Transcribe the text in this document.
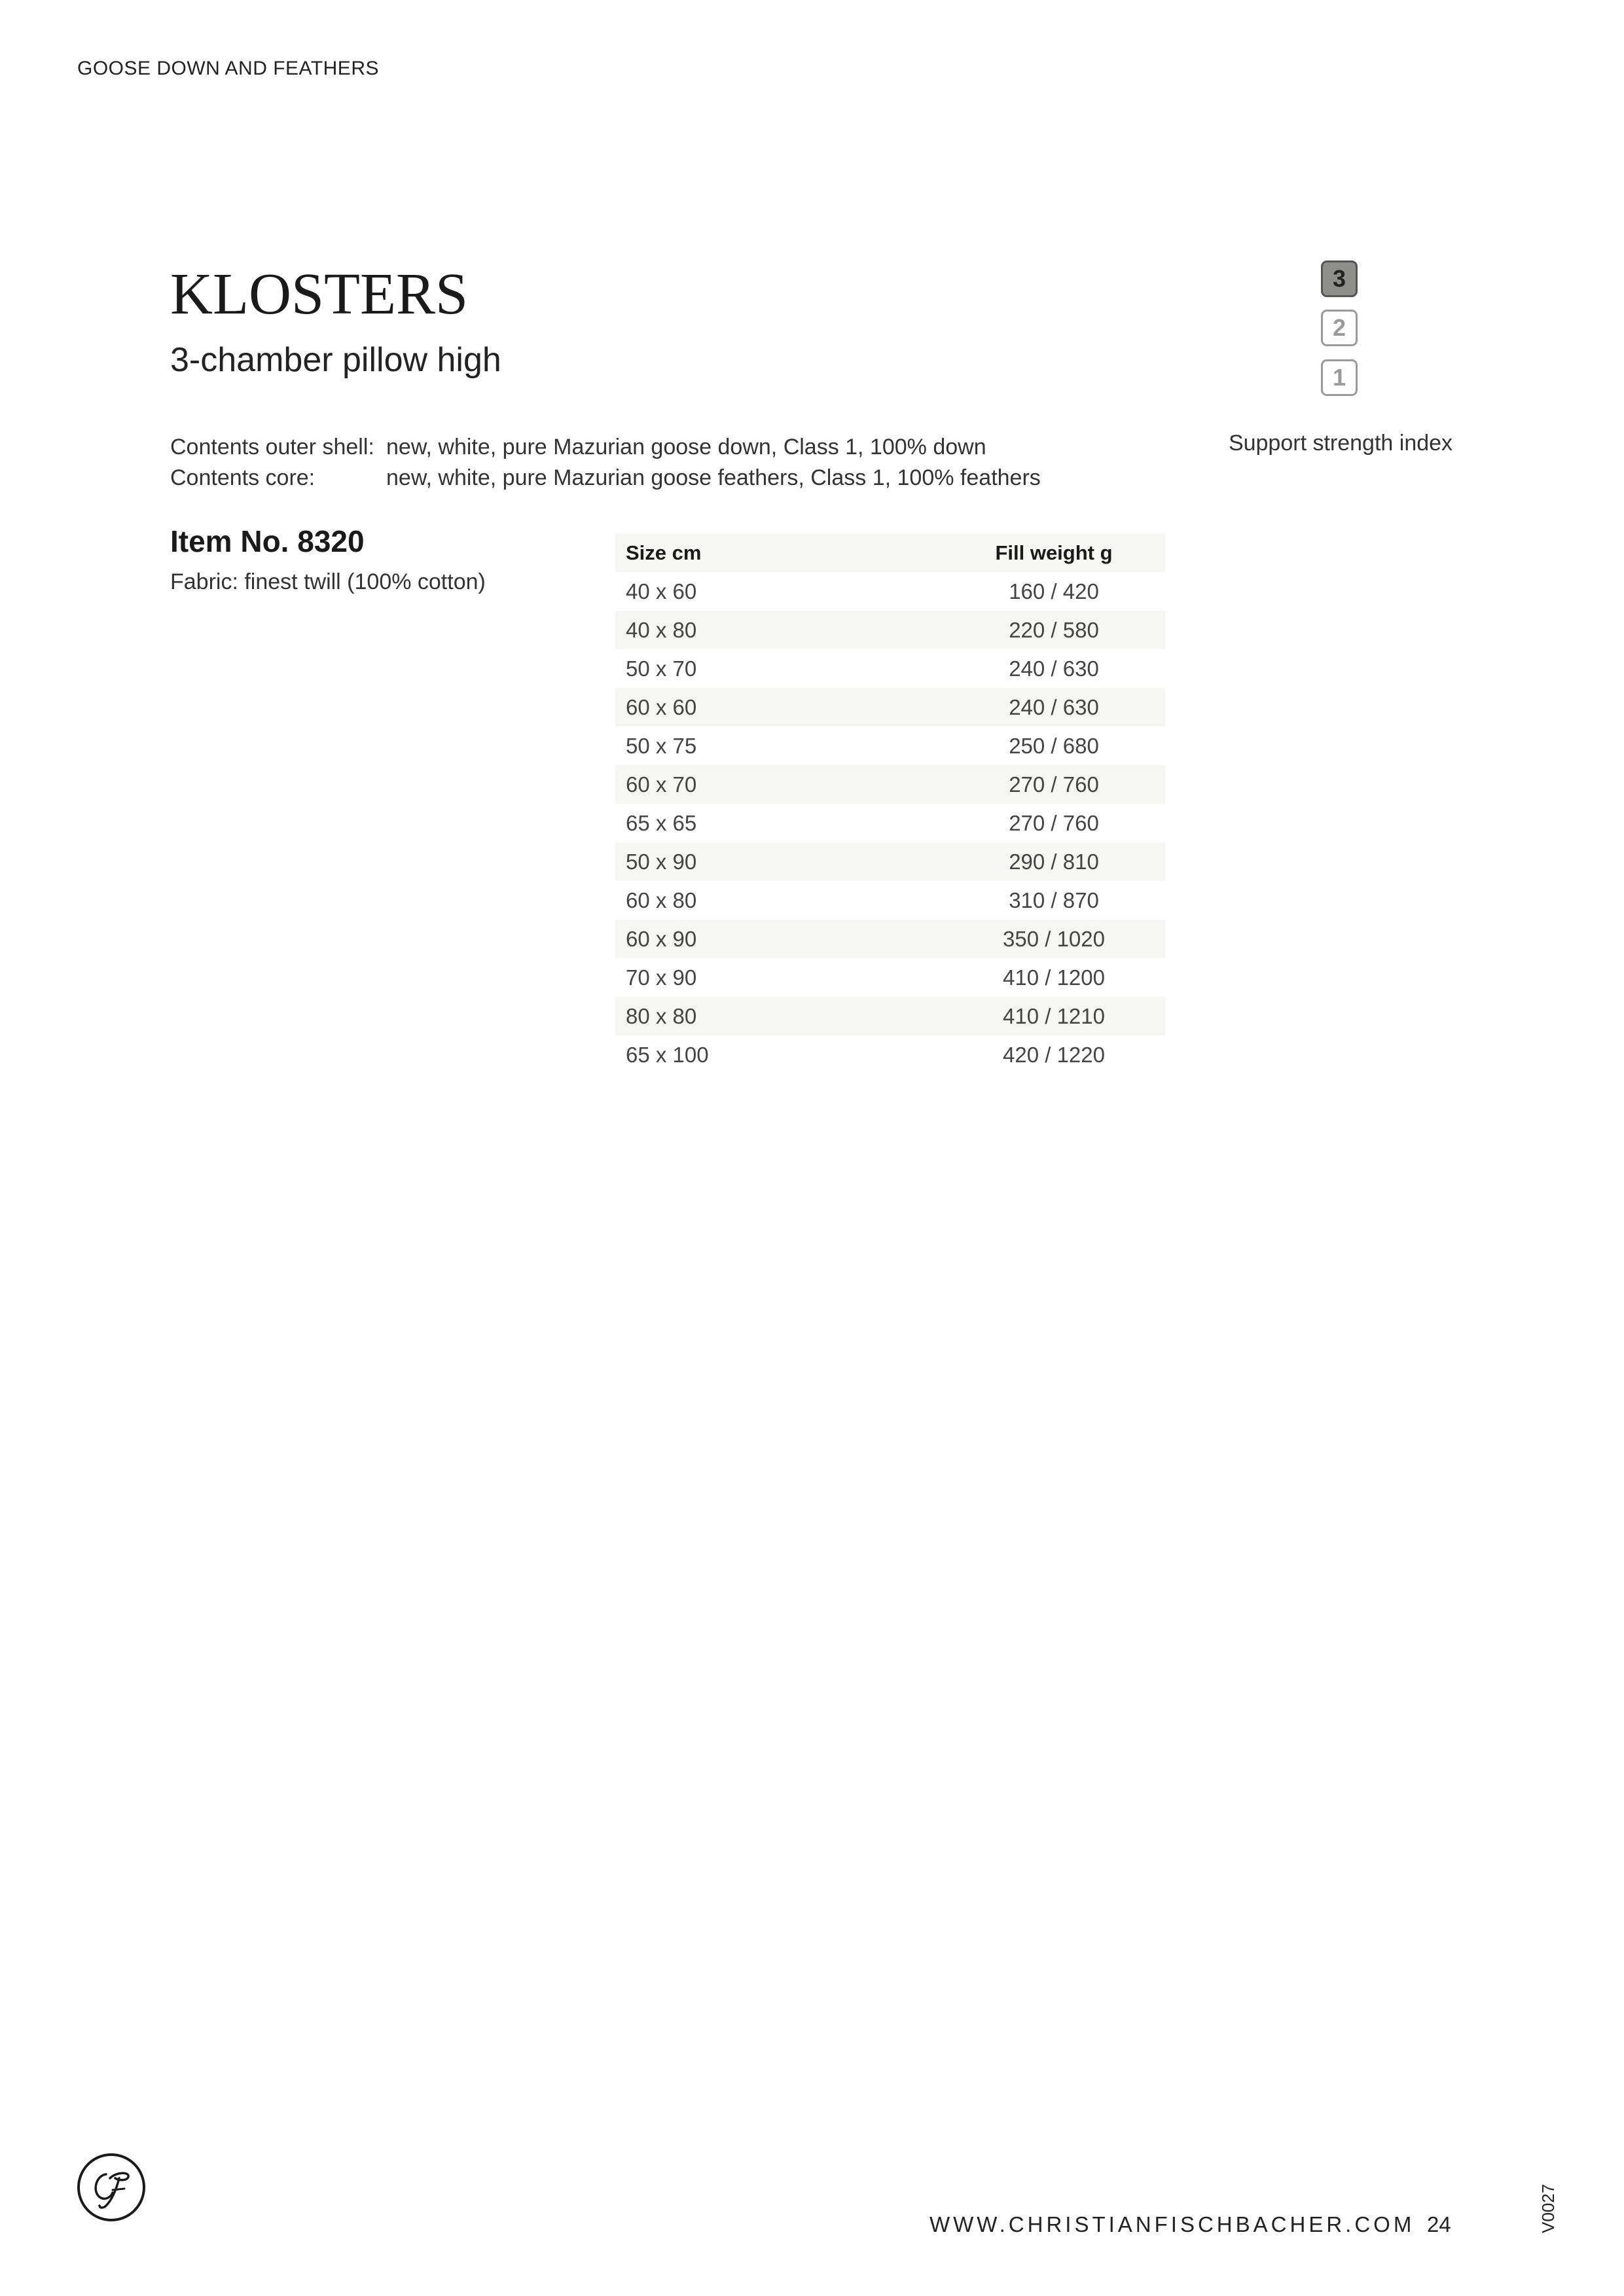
GOOSE DOWN AND FEATHERS
KLOSTERS
3-chamber pillow high
Contents outer shell: new, white, pure Mazurian goose down, Class 1, 100% down
Contents core:	new, white, pure Mazurian goose feathers, Class 1, 100% feathers
Item No. 8320
Fabric: finest twill (100% cotton)
Size cm	Fill weight g
40 x 60	160 / 420
40 x 80	220 / 580
50 x 70	240 / 630
60 x 60	240 / 630
50 x 75	250 / 680
60 x 70	270 / 760
65 x 65	270 / 760
50 x 90	290 / 810
60 x 80	310 / 870
60 x 90	350 / 1020
70 x 90	410 / 1200
80 x 80	410 / 1210
65 x 100	420 / 1220
3
2
1
Support strength index
WWW.CHRISTIANFISCHBACHER.COM 24	V0027
